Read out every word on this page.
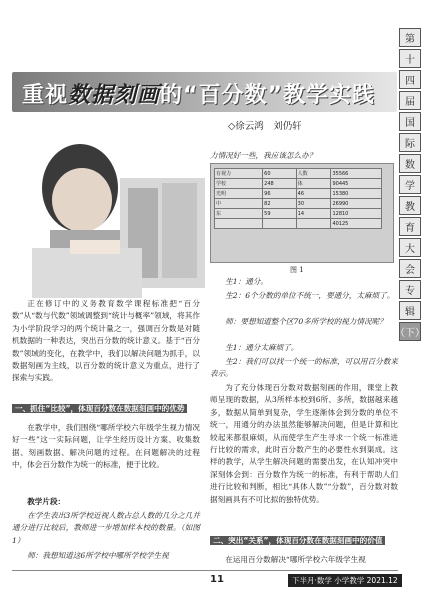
重视数据刻画的“百分数”教学实践
◇徐云鸿　刘仍轩
第
十
四
届
国
际
数
学
教
育
大
会
专
辑
（下）
有视力	60	人数	35566
学校	248	体	90445
光明	96	46	15380
中	82	30	26990
东	59	14	12810
			40125
图 1
正在修订中的义务教育数学课程标准把“百分数”从“数与代数”领域调整到“统计与概率”领域，将其作为小学阶段学习的两个统计量之一，强调百分数是对随机数据的一种表达，突出百分数的统计意义。基于“百分数”领域的变化，在教学中，我们以解决问题为抓手，以数据刻画为主线，以百分数的统计意义为重点，进行了探索与实践。
一、抓住“比较”，体现百分数在数据刻画中的优势
在教学中，我们围绕“哪所学校六年级学生视力情况好一些”这一实际问题，让学生经历设计方案、收集数据、刻画数据、解决问题的过程。在问题解决的过程中，体会百分数作为统一的标准，便于比较。
教学片段：
在学生表出3所学校近视人数占总人数的几分之几并通分进行比较后，教师进一步增加样本校的数量。（如图1）
师：我想知道这6所学校中哪所学校学生视
力情况好一些，我应该怎么办？
生1：通分。
生2：6个分数的单位不统一，要通分，太麻烦了。
师：要想知道整个区70多所学校的视力情况呢？
生1：通分太麻烦了。
生2：我们可以找一个统一的标准，可以用百分数来表示。
为了充分体现百分数对数据刻画的作用，课堂上教师呈现的数据，从3所样本校到6所、多所，数据越来越多，数据从简单到复杂，学生逐渐体会到分数的单位不统一，用通分的办法虽然能够解决问题，但是计算和比较起来都很麻烦，从而使学生产生寻求一个统一标准进行比较的需求，此时百分数产生的必要性水到渠成。这样的教学，从学生解决问题的需要出发，在认知冲突中深刻体会到：百分数作为统一的标准，有利于帮助人们进行比较和判断，相比“具体人数”“分数”，百分数对数据刻画具有不可比拟的独特优势。
二、突出“关系”，体现百分数在数据刻画中的价值
在运用百分数解决“哪所学校六年级学生视
11	下半月·数学 小学教学 2021.12
